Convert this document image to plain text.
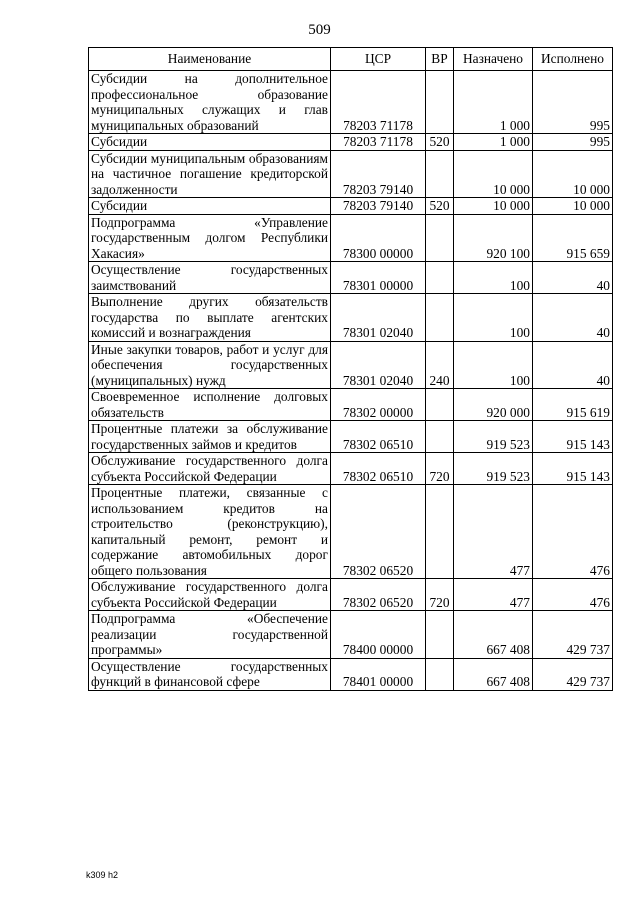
509
Наименование	ЦСР	ВР	Назначено	Исполнено
Субсидии на дополнительное профессиональное образование муниципальных служащих и глав муниципальных образований	78203 71178		1 000	995
Субсидии	78203 71178	520	1 000	995
Субсидии муниципальным образованиям на частичное погашение кредиторской задолженности	78203 79140		10 000	10 000
Субсидии	78203 79140	520	10 000	10 000
Подпрограмма «Управление государственным долгом Республики Хакасия»	78300 00000		920 100	915 659
Осуществление государственных заимствований	78301 00000		100	40
Выполнение других обязательств государства по выплате агентских комиссий и вознаграждения	78301 02040		100	40
Иные закупки товаров, работ и услуг для обеспечения государственных (муниципальных) нужд	78301 02040	240	100	40
Своевременное исполнение долговых обязательств	78302 00000		920 000	915 619
Процентные платежи за обслуживание государственных займов и кредитов	78302 06510		919 523	915 143
Обслуживание государственного долга субъекта Российской Федерации	78302 06510	720	919 523	915 143
Процентные платежи, связанные с использованием кредитов на строительство (реконструкцию), капитальный ремонт, ремонт и содержание автомобильных дорог общего пользования	78302 06520		477	476
Обслуживание государственного долга субъекта Российской Федерации	78302 06520	720	477	476
Подпрограмма «Обеспечение реализации государственной программы»	78400 00000		667 408	429 737
Осуществление государственных функций в финансовой сфере	78401 00000		667 408	429 737
k309 h2
